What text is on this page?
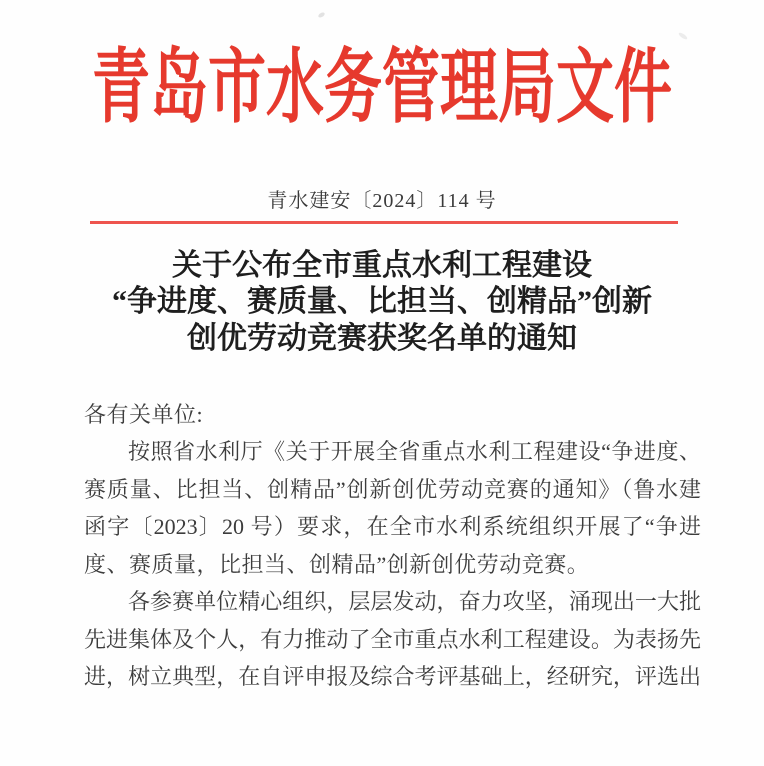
青岛市水务管理局文件
青水建安〔2024〕114 号
关于公布全市重点水利工程建设
“争进度、赛质量、比担当、创精品”创新
创优劳动竞赛获奖名单的通知
各有关单位:
按照省水利厅《关于开展全省重点水利工程建设“争进度、
赛质量、比担当、创精品”创新创优劳动竞赛的通知》（鲁水建
函字〔2023〕20 号）要求，在全市水利系统组织开展了“争进
度、赛质量，比担当、创精品”创新创优劳动竞赛。
各参赛单位精心组织，层层发动，奋力攻坚，涌现出一大批
先进集体及个人，有力推动了全市重点水利工程建设。为表扬先
进，树立典型，在自评申报及综合考评基础上，经研究，评选出
